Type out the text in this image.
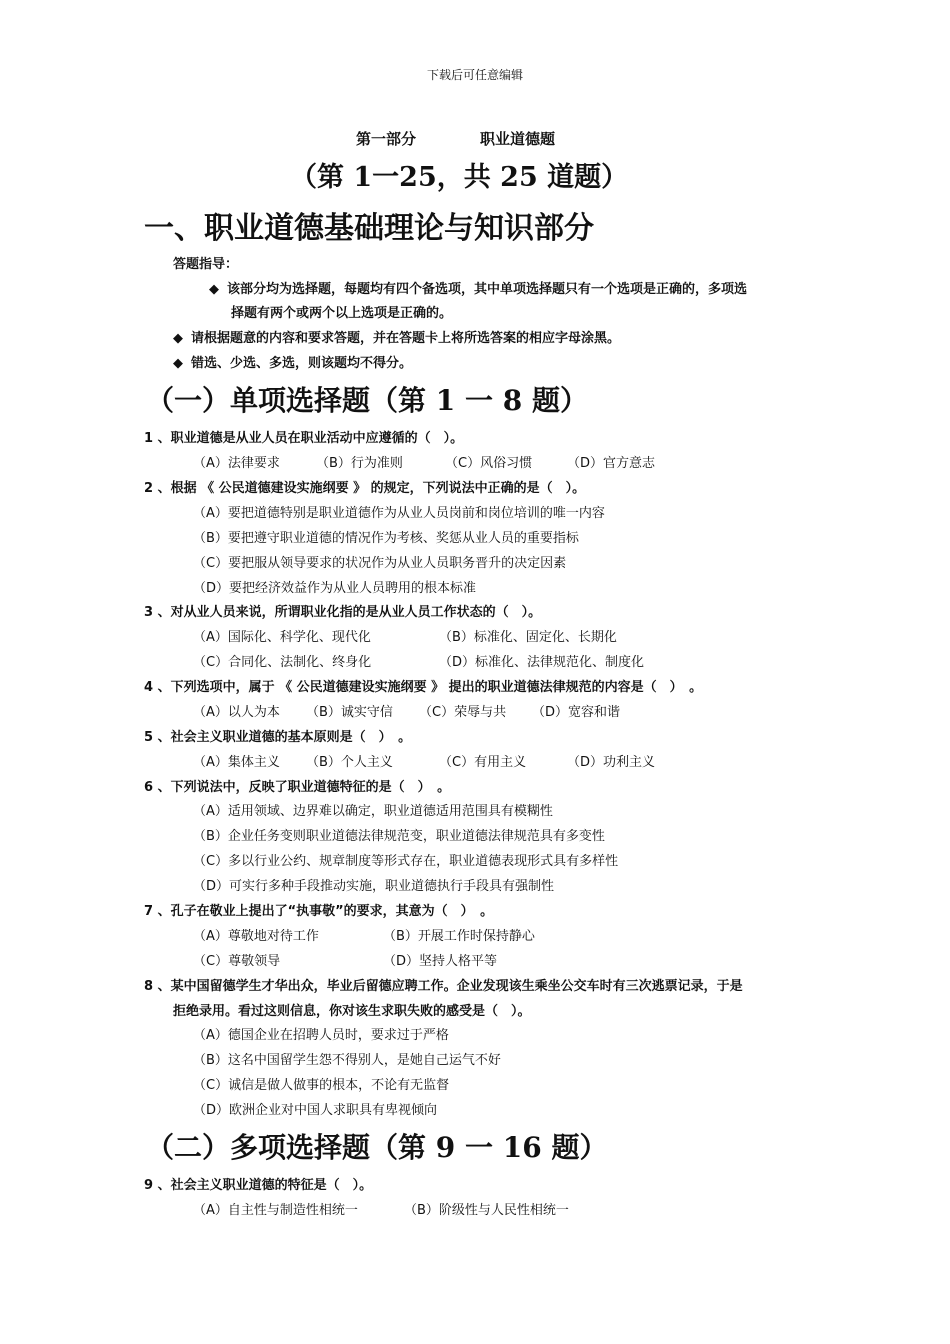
下载后可任意编辑
第一部分	职业道德题
（第 1一25，共 25 道题）
一、职业道德基础理论与知识部分
答题指导：
◆ 该部分均为选择题，每题均有四个备选项，其中单项选择题只有一个选项是正确的，多项选
择题有两个或两个以上选项是正确的。
◆ 请根据题意的内容和要求答题，并在答题卡上将所选答案的相应字母涂黑。
◆ 错选、少选、多选，则该题均不得分。
（一）单项选择题（第 1 一 8 题）
1 、职业道德是从业人员在职业活动中应遵循的（　）。
（A）法律要求	（B）行为准则	（C）风俗习惯	（D）官方意志
2 、根据 《 公民道德建设实施纲要 》 的规定，下列说法中正确的是（　）。
（A）要把道德特别是职业道德作为从业人员岗前和岗位培训的唯一内容
（B）要把遵守职业道德的情况作为考核、奖惩从业人员的重要指标
（C）要把服从领导要求的状况作为从业人员职务晋升的决定因素
（D）要把经济效益作为从业人员聘用的根本标准
3 、对从业人员来说，所谓职业化指的是从业人员工作状态的（　）。
（A）国际化、科学化、现代化	（B）标准化、固定化、长期化
（C）合同化、法制化、终身化	（D）标准化、法律规范化、制度化
4 、下列选项中，属于 《 公民道德建设实施纲要 》 提出的职业道德法律规范的内容是（　）　。
（A）以人为本 （B）诚实守信 （C）荣辱与共 （D）宽容和谐
5 、社会主义职业道德的基本原则是（　）　。
（A）集体主义 （B）个人主义	（C）有用主义	（D）功利主义
6 、下列说法中，反映了职业道德特征的是（　）　。
（A）适用领域、边界难以确定，职业道德适用范围具有模糊性
（B）企业任务变则职业道德法律规范变，职业道德法律规范具有多变性
（C）多以行业公约、规章制度等形式存在，职业道德表现形式具有多样性
（D）可实行多种手段推动实施，职业道德执行手段具有强制性
7 、孔子在敬业上提出了“执事敬”的要求，其意为（　）　。
（A）尊敬地对待工作	（B）开展工作时保持静心
（C）尊敬领导	（D）坚持人格平等
8 、某中国留德学生才华出众，毕业后留德应聘工作。企业发现该生乘坐公交车时有三次逃票记录，于是
拒绝录用。看过这则信息，你对该生求职失败的感受是（　）。
（A）德国企业在招聘人员时，要求过于严格
（B）这名中国留学生怨不得别人，是她自己运气不好
（C）诚信是做人做事的根本，不论有无监督
（D）欧洲企业对中国人求职具有卑视倾向
（二）多项选择题（第 9 一 16 题）
9 、社会主义职业道德的特征是（　）。
（A）自主性与制造性相统一	（B）阶级性与人民性相统一
